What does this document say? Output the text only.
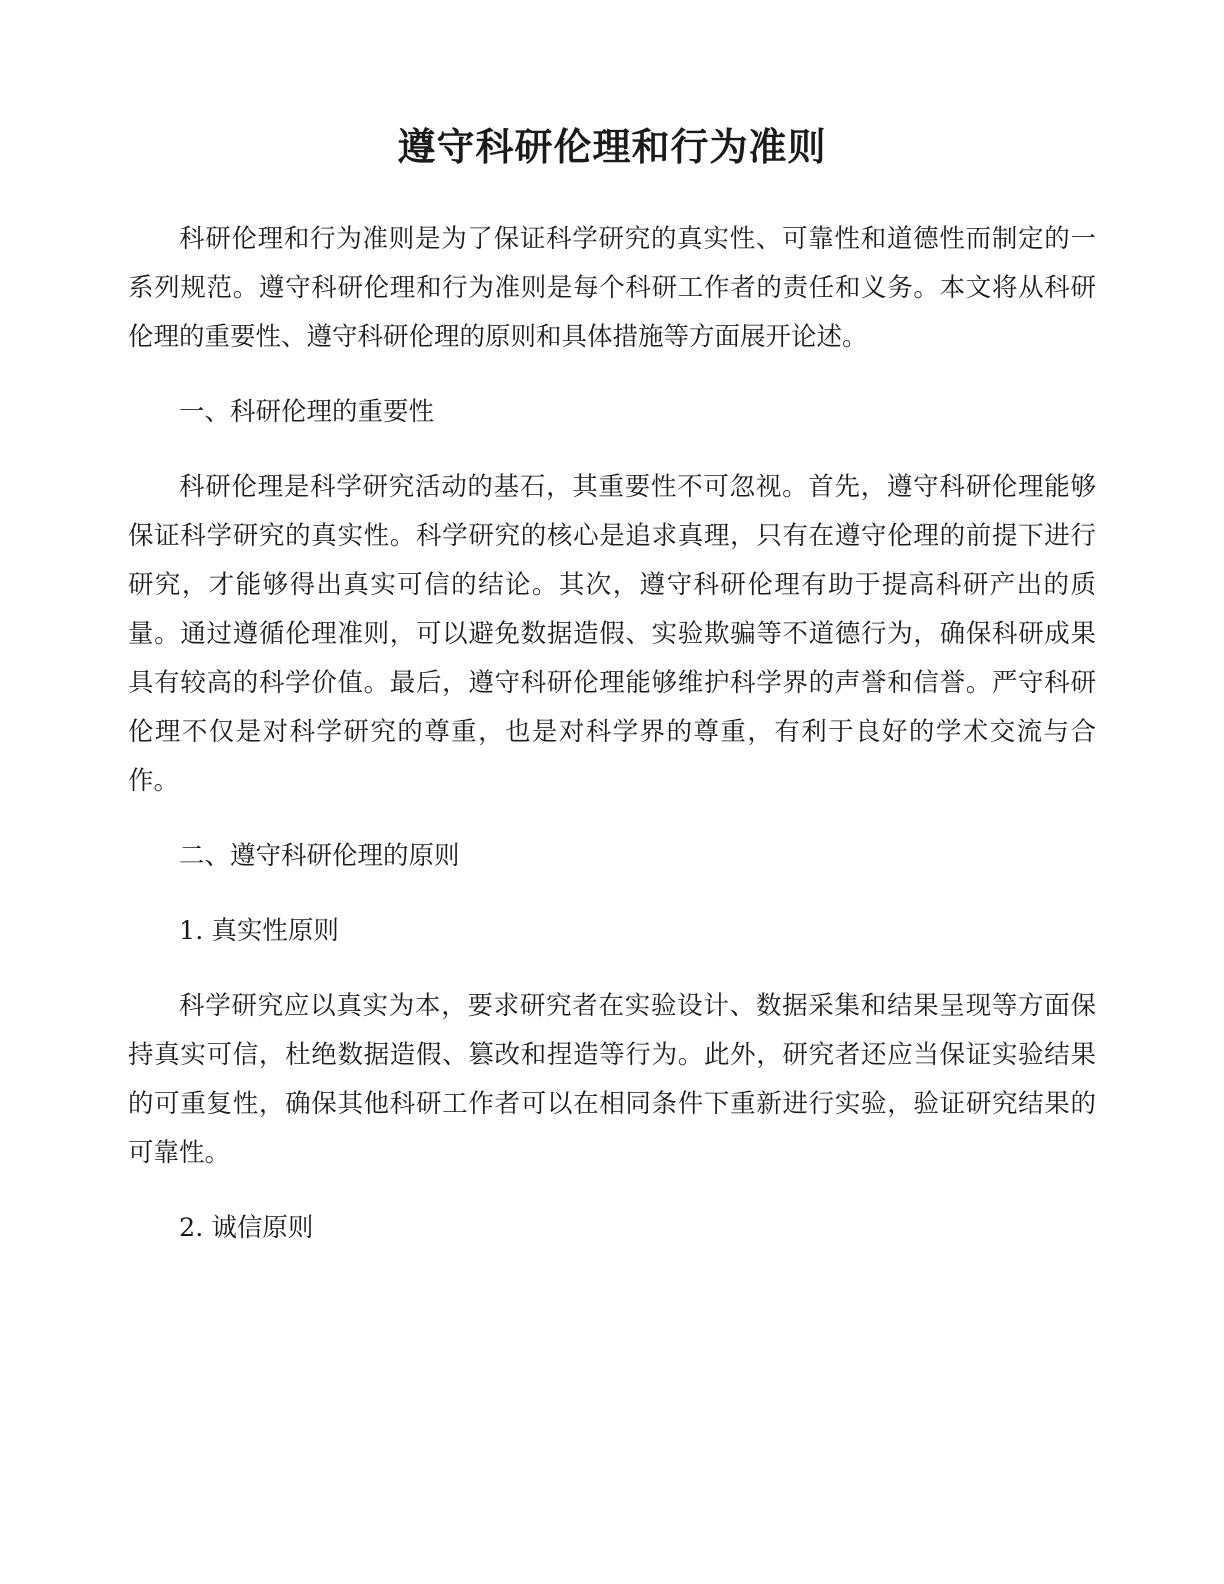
遵守科研伦理和行为准则

科研伦理和行为准则是为了保证科学研究的真实性、可靠性和道德性而制定的一系列规范。遵守科研伦理和行为准则是每个科研工作者的责任和义务。本文将从科研伦理的重要性、遵守科研伦理的原则和具体措施等方面展开论述。

一、科研伦理的重要性

科研伦理是科学研究活动的基石，其重要性不可忽视。首先，遵守科研伦理能够保证科学研究的真实性。科学研究的核心是追求真理，只有在遵守伦理的前提下进行研究，才能够得出真实可信的结论。其次，遵守科研伦理有助于提高科研产出的质量。通过遵循伦理准则，可以避免数据造假、实验欺骗等不道德行为，确保科研成果具有较高的科学价值。最后，遵守科研伦理能够维护科学界的声誉和信誉。严守科研伦理不仅是对科学研究的尊重，也是对科学界的尊重，有利于良好的学术交流与合作。

二、遵守科研伦理的原则

1. 真实性原则

科学研究应以真实为本，要求研究者在实验设计、数据采集和结果呈现等方面保持真实可信，杜绝数据造假、篡改和捏造等行为。此外，研究者还应当保证实验结果的可重复性，确保其他科研工作者可以在相同条件下重新进行实验，验证研究结果的可靠性。

2. 诚信原则
